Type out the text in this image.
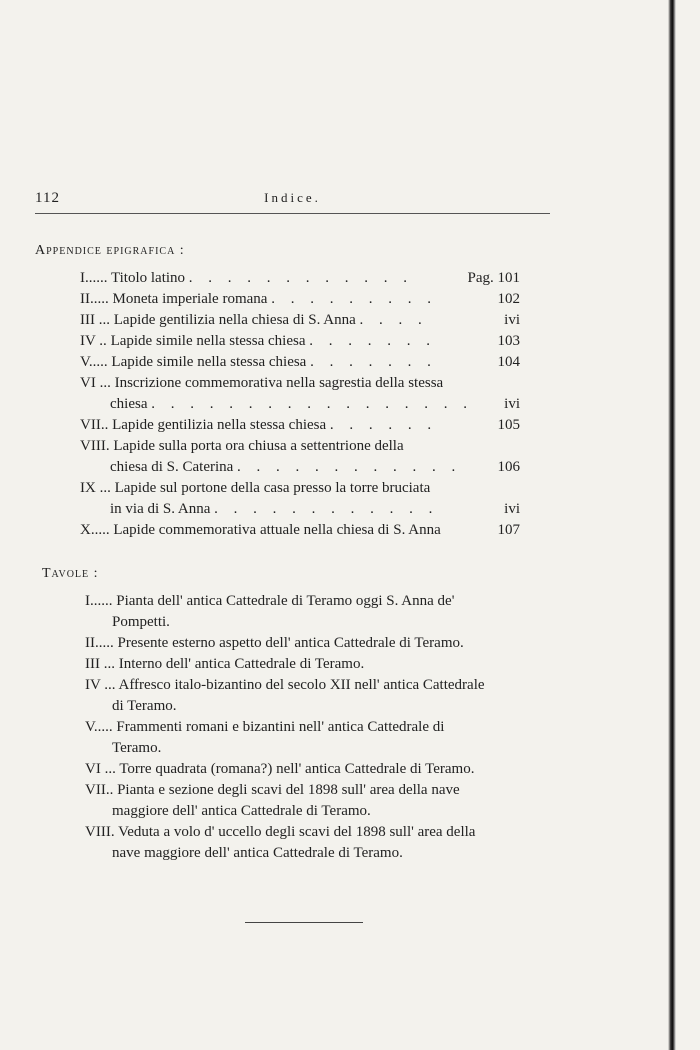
112	Indice.
Appendice epigrafica :
I...... Titolo latino . . . . . . . . . . . .	Pag. 101
II..... Moneta imperiale romana . . . . . . . . .	102
III ... Lapide gentilizia nella chiesa di S. Anna . . . .	ivi
IV .. Lapide simile nella stessa chiesa . . . . . . .	103
V..... Lapide simile nella stessa chiesa . . . . . . .	104
VI ... Inscrizione commemorativa nella sagrestia della stessa
chiesa . . . . . . . . . . . . . . . . . ivi
VII.. Lapide gentilizia nella stessa chiesa . . . . . .	105
VIII. Lapide sulla porta ora chiusa a settentrione della
chiesa di S. Caterina . . . . . . . . . . . . 106
IX ... Lapide sul portone della casa presso la torre bruciata
in via di S. Anna . . . . . . . . . . . .	ivi
X..... Lapide commemorativa attuale nella chiesa di S. Anna	107
Tavole :
I...... Pianta dell' antica Cattedrale di Teramo oggi S. Anna de'
Pompetti.
II..... Presente esterno aspetto dell' antica Cattedrale di Teramo.
III ... Interno dell' antica Cattedrale di Teramo.
IV ... Affresco italo-bizantino del secolo XII nell' antica Cattedrale
di Teramo.
V..... Frammenti romani e bizantini nell' antica Cattedrale di
Teramo.
VI ... Torre quadrata (romana?) nell' antica Cattedrale di Teramo.
VII.. Pianta e sezione degli scavi del 1898 sull' area della nave
maggiore dell' antica Cattedrale di Teramo.
VIII. Veduta a volo d' uccello degli scavi del 1898 sull' area della
nave maggiore dell' antica Cattedrale di Teramo.
